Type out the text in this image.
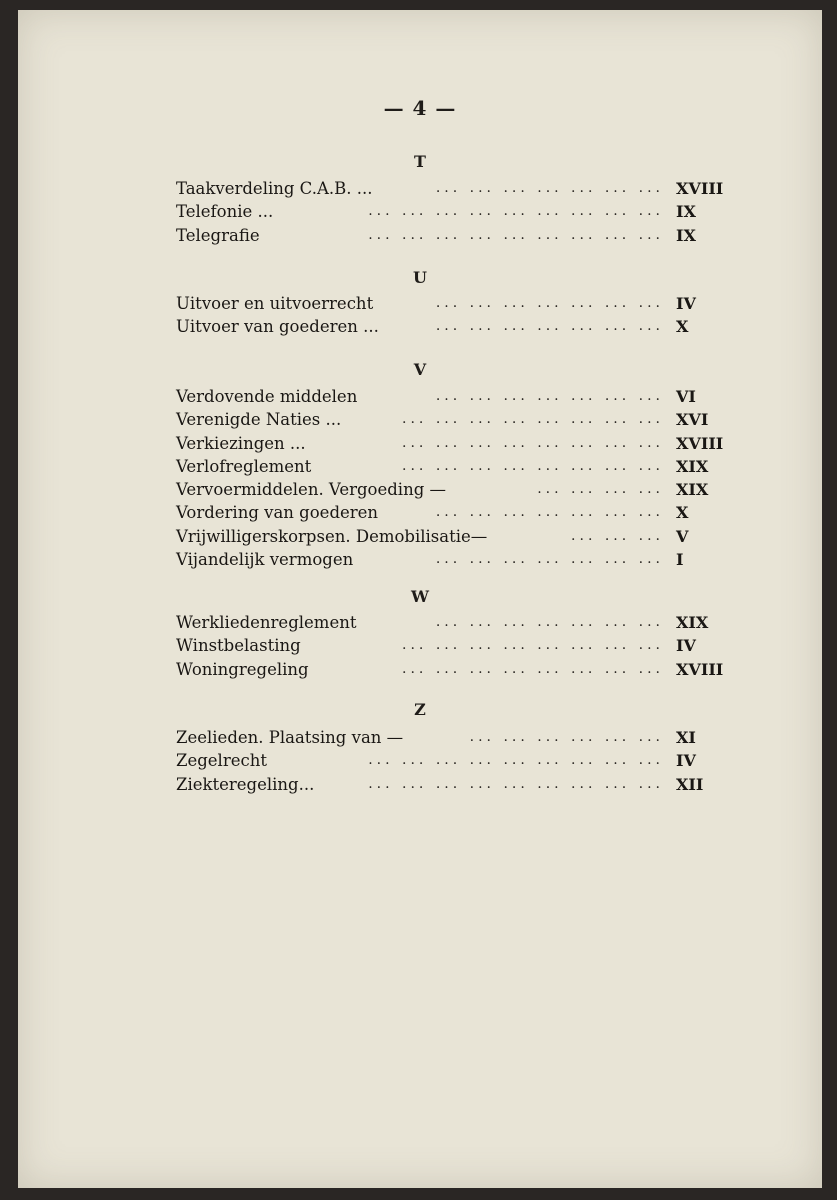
— 4 —
T
Taakverdeling C.A.B. ...	... ... ... ... ... ... ... XVIII
Telefonie ...	... ... ... ... ... ... ... ... ... IX
Telegrafie	... ... ... ... ... ... ... ... ... IX
U
Uitvoer en uitvoerrecht	... ... ... ... ... ... ... IV
Uitvoer van goederen ...	... ... ... ... ... ... ... X
V
Verdovende middelen	... ... ... ... ... ... ... VI
Verenigde Naties ...	... ... ... ... ... ... ... ... XVI
Verkiezingen ...	... ... ... ... ... ... ... ... XVIII
Verlofreglement	... ... ... ... ... ... ... ... XIX
Vervoermiddelen. Vergoeding —	... ... ... ... XIX
Vordering van goederen	... ... ... ... ... ... ... X
Vrijwilligerskorpsen. Demobilisatie—	... ... ... V
Vijandelijk vermogen	... ... ... ... ... ... ... I
W
Werkliedenreglement	... ... ... ... ... ... ... XIX
Winstbelasting	... ... ... ... ... ... ... ... IV
Woningregeling	... ... ... ... ... ... ... ... XVIII
Z
Zeelieden. Plaatsing van —	... ... ... ... ... ... XI
Zegelrecht	... ... ... ... ... ... ... ... ... IV
Ziekteregeling...	... ... ... ... ... ... ... ... ... XII
